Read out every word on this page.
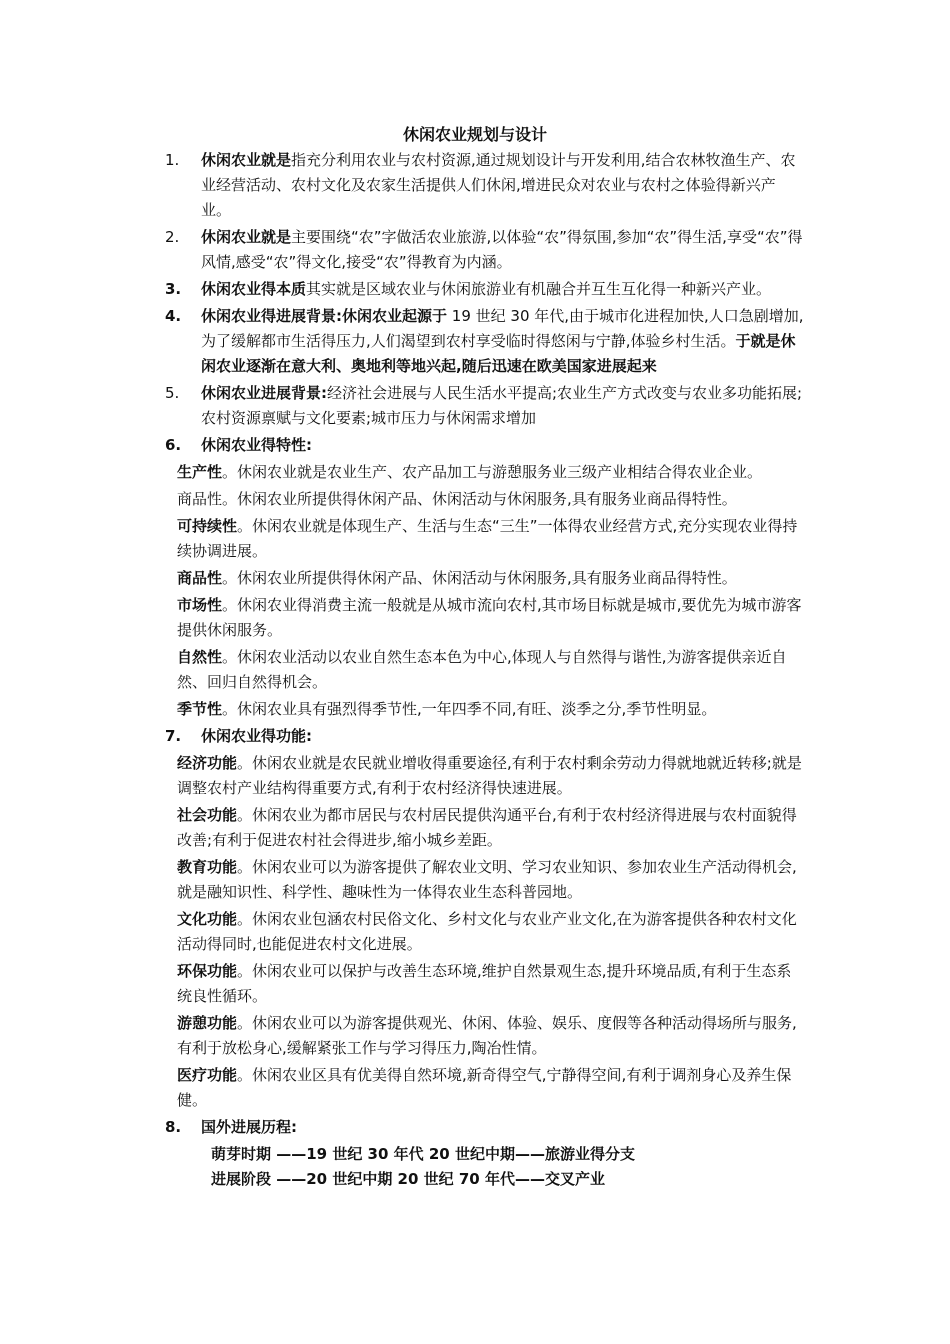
休闲农业规划与设计
1. 休闲农业就是指充分利用农业与农村资源,通过规划设计与开发利用,结合农林牧渔生产、农业经营活动、农村文化及农家生活提供人们休闲,增进民众对农业与农村之体验得新兴产业。
2. 休闲农业就是主要围绕“农”字做活农业旅游,以体验“农”得氛围,参加“农”得生活,享受“农”得风情,感受“农”得文化,接受“农”得教育为内涵。
3. 休闲农业得本质其实就是区域农业与休闲旅游业有机融合并互生互化得一种新兴产业。
4. 休闲农业得进展背景:休闲农业起源于 19 世纪 30 年代,由于城市化进程加快,人口急剧增加,为了缓解都市生活得压力,人们渴望到农村享受临时得悠闲与宁静,体验乡村生活。于就是休闲农业逐渐在意大利、奥地利等地兴起,随后迅速在欧美国家进展起来
5. 休闲农业进展背景:经济社会进展与人民生活水平提高;农业生产方式改变与农业多功能拓展;农村资源禀赋与文化要素;城市压力与休闲需求增加
6. 休闲农业得特性:
生产性。休闲农业就是农业生产、农产品加工与游憩服务业三级产业相结合得农业企业。
商品性。休闲农业所提供得休闲产品、休闲活动与休闲服务,具有服务业商品得特性。
可持续性。休闲农业就是体现生产、生活与生态“三生”一体得农业经营方式,充分实现农业得持续协调进展。
商品性。休闲农业所提供得休闲产品、休闲活动与休闲服务,具有服务业商品得特性。
市场性。休闲农业得消费主流一般就是从城市流向农村,其市场目标就是城市,要优先为城市游客提供休闲服务。
自然性。休闲农业活动以农业自然生态本色为中心,体现人与自然得与谐性,为游客提供亲近自然、回归自然得机会。
季节性。休闲农业具有强烈得季节性,一年四季不同,有旺、淡季之分,季节性明显。
7. 休闲农业得功能:
经济功能。休闲农业就是农民就业增收得重要途径,有利于农村剩余劳动力得就地就近转移;就是调整农村产业结构得重要方式,有利于农村经济得快速进展。
社会功能。休闲农业为都市居民与农村居民提供沟通平台,有利于农村经济得进展与农村面貌得改善;有利于促进农村社会得进步,缩小城乡差距。
教育功能。休闲农业可以为游客提供了解农业文明、学习农业知识、参加农业生产活动得机会,就是融知识性、科学性、趣味性为一体得农业生态科普园地。
文化功能。休闲农业包涵农村民俗文化、乡村文化与农业产业文化,在为游客提供各种农村文化活动得同时,也能促进农村文化进展。
环保功能。休闲农业可以保护与改善生态环境,维护自然景观生态,提升环境品质,有利于生态系统良性循环。
游憩功能。休闲农业可以为游客提供观光、休闲、体验、娱乐、度假等各种活动得场所与服务,有利于放松身心,缓解紧张工作与学习得压力,陶冶性情。
医疗功能。休闲农业区具有优美得自然环境,新奇得空气,宁静得空间,有利于调剂身心及养生保健。
8. 国外进展历程:
萌芽时期 ——19 世纪 30 年代 20 世纪中期——旅游业得分支
进展阶段 ——20 世纪中期 20 世纪 70 年代——交叉产业
